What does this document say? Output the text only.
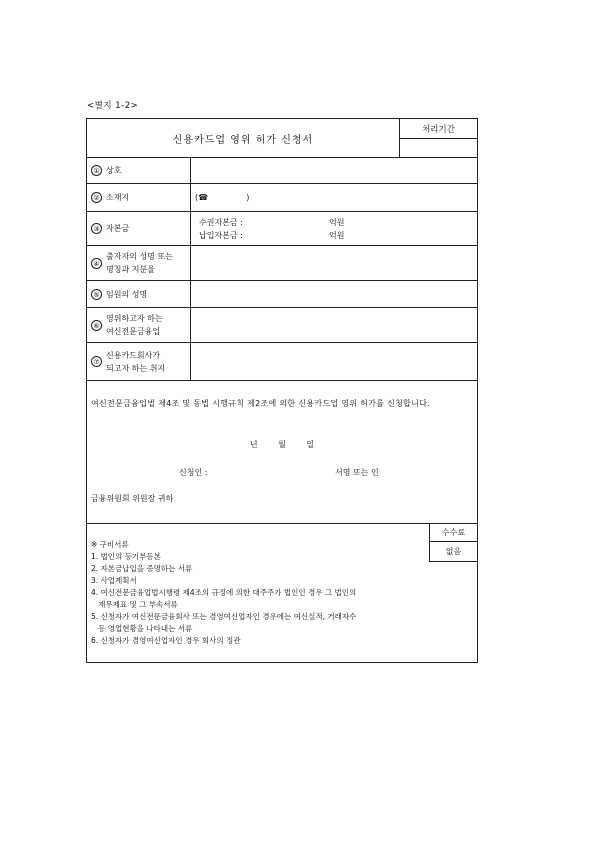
<별지 1-2>
신용카드업 영위 허가 신청서
처리기간
① 상호
② 소재지	(☎               )
③ 자본금
수권자본금 :	억원
납입자본금 :	억원
④
출자자의 성명 또는
명칭과 지분율
⑤ 임원의 성명
⑥
영위하고자 하는
여신전문금융업
⑦
신용카드회사가
되고자 하는 취지
여신전문금융업법 제4조 및 동법 시행규칙 제2조에 의한 신용카드업 영위 허가를 신청합니다.
년 월 일
신청인 :	서명 또는 인
금융위원회 위원장 귀하
수수료
없음
※ 구비서류
1. 법인의 등기부등본
2. 자본금납입을 증명하는 서류
3. 사업계획서
4. 여신전문금융업법시행령 제4조의 규정에 의한 대주주가 법인인 경우 그 법인의
재무제표 및 그 부속서류
5. 신청자가 여신전문금융회사 또는 겸영여신업자인 경우에는 여신실적, 거래자수
등 영업현황을 나타내는 서류
6. 신청자가 겸영여신업자인 경우 회사의 정관
